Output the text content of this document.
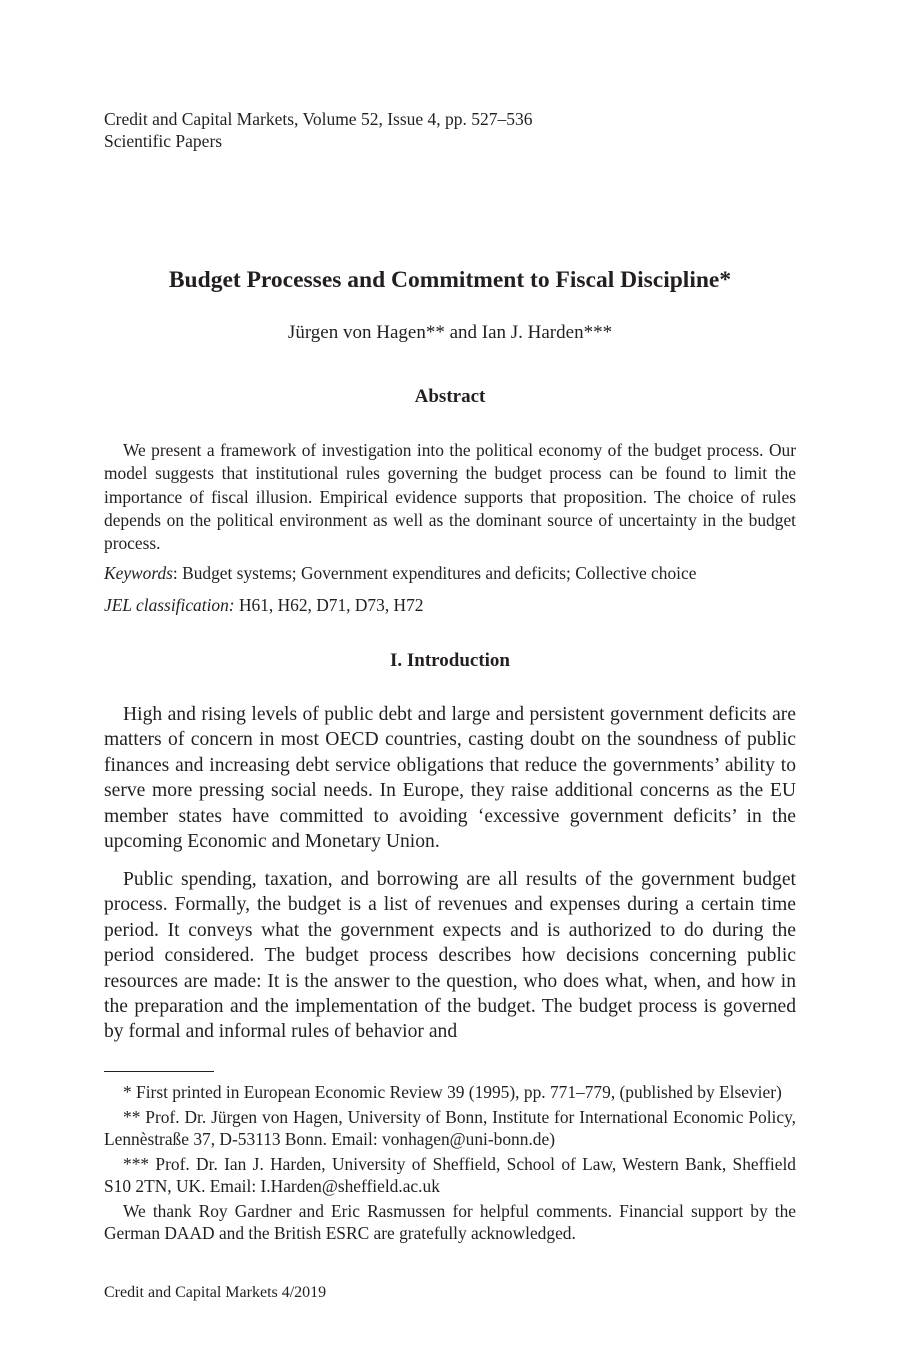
Credit and Capital Markets, Volume 52, Issue 4, pp. 527–536
Scientific Papers
Budget Processes and Commitment to Fiscal Discipline*
Jürgen von Hagen** and Ian J. Harden***
Abstract

We present a framework of investigation into the political economy of the budget process. Our model suggests that institutional rules governing the budget process can be found to limit the importance of fiscal illusion. Empirical evidence supports that proposition. The choice of rules depends on the political environment as well as the dominant source of uncertainty in the budget process.

Keywords: Budget systems; Government expenditures and deficits; Collective choice
JEL classification: H61, H62, D71, D73, H72
I. Introduction

High and rising levels of public debt and large and persistent government deficits are matters of concern in most OECD countries, casting doubt on the soundness of public finances and increasing debt service obligations that reduce the governments’ ability to serve more pressing social needs. In Europe, they raise additional concerns as the EU member states have committed to avoiding ‘excessive government deficits’ in the upcoming Economic and Monetary Union.

Public spending, taxation, and borrowing are all results of the government budget process. Formally, the budget is a list of revenues and expenses during a certain time period. It conveys what the government expects and is authorized to do during the period considered. The budget process describes how decisions concerning public resources are made: It is the answer to the question, who does what, when, and how in the preparation and the implementation of the budget. The budget process is governed by formal and informal rules of behavior and

* First printed in European Economic Review 39 (1995), pp. 771–779, (published by Elsevier)

** Prof. Dr. Jürgen von Hagen, University of Bonn, Institute for International Economic Policy, Lennèstraße 37, D-53113 Bonn. Email: vonhagen@uni-bonn.de)

*** Prof. Dr. Ian J. Harden, University of Sheffield, School of Law, Western Bank, Sheffield S10 2TN, UK. Email: I.Harden@sheffield.ac.uk

We thank Roy Gardner and Eric Rasmussen for helpful comments. Financial support by the German DAAD and the British ESRC are gratefully acknowledged.

Credit and Capital Markets 4/2019
